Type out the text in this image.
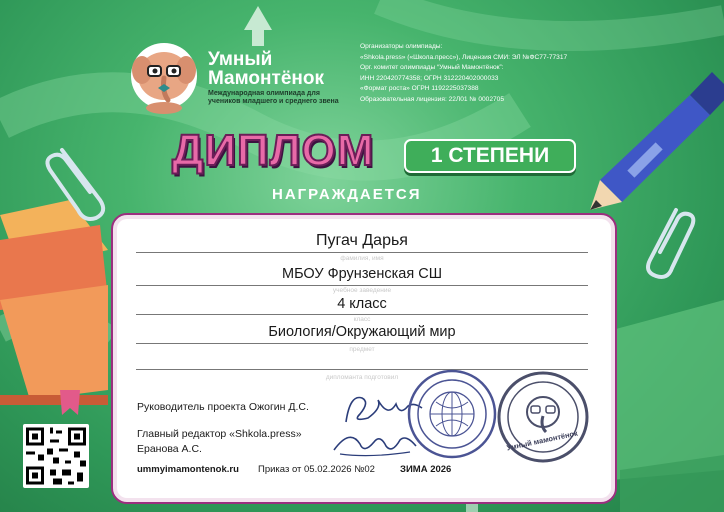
Умный
Мамонтёнок
Международная олимпиада для
учеников младшего и среднего звена
Организаторы олимпиады:
«Shkola.press» («Школа.пресс»), Лицензия СМИ: ЭЛ №ФС77-77317
Орг. комитет олимпиады “Умный Мамонтёнок”:
ИНН 220420774358; ОГРН 312220402000033
«Формат роста» ОГРН 1192225037388
Образовательная лицензия: 22Л01 № 0002705
ДИПЛОМ	1 СТЕПЕНИ
НАГРАЖДАЕТСЯ
Пугач Дарья
фамилия, имя
МБОУ Фрунзенская СШ
учебное заведение
4 класс
класс
Биология/Окружающий мир
предмет
дипломанта подготовил
Руководитель проекта Ожогин Д.С.
Главный редактор «Shkola.press»
Еранова А.С.	Умный мамонтёнок
ummyimamontenok.ru Приказ от 05.02.2026 №02	ЗИМА 2026
